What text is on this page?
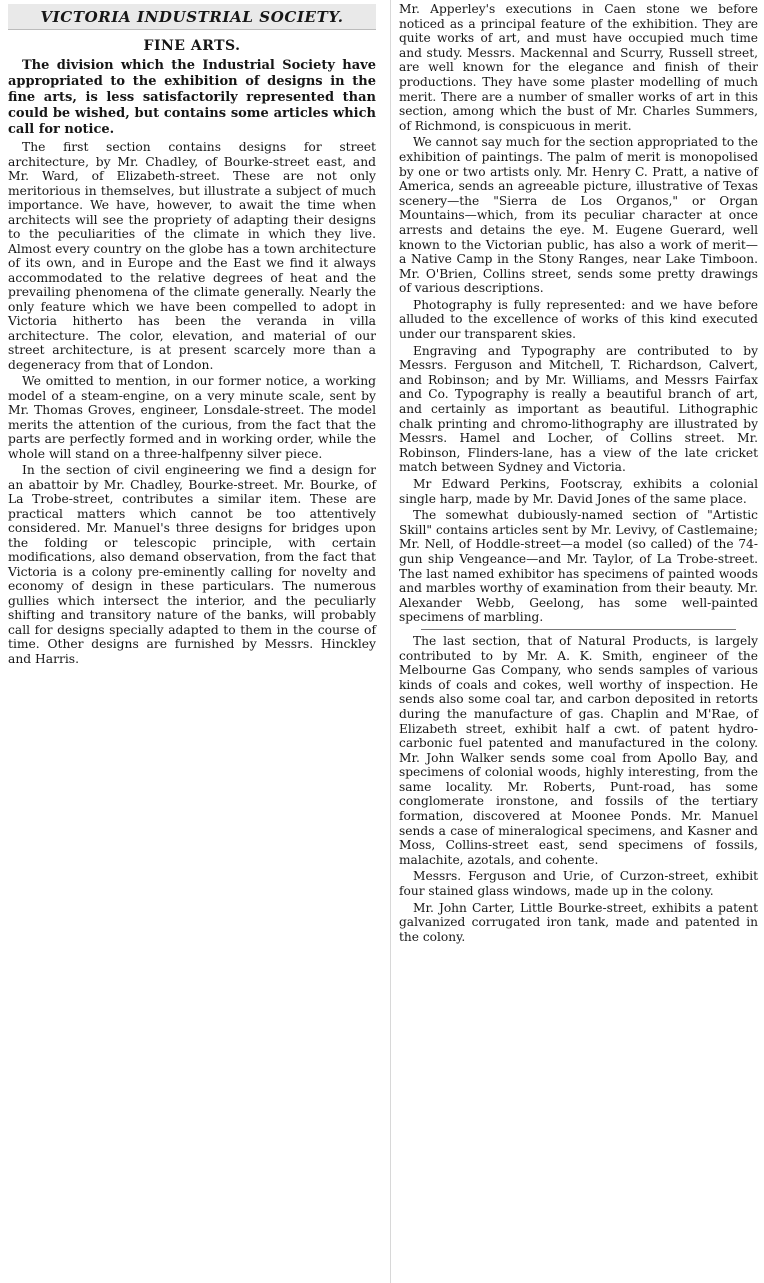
VICTORIA INDUSTRIAL SOCIETY.
FINE ARTS.

The division which the Industrial Society have appropriated to the exhibition of designs in the fine arts, is less satisfactorily represented than could be wished, but contains some articles which call for notice.

The first section contains designs for street architecture, by Mr. Chadley, of Bourke-street east, and Mr. Ward, of Elizabeth-street. These are not only meritorious in themselves, but illustrate a subject of much importance. We have, however, to await the time when architects will see the propriety of adapting their designs to the peculiarities of the climate in which they live. Almost every country on the globe has a town architecture of its own, and in Europe and the East we find it always accommodated to the relative degrees of heat and the prevailing phenomena of the climate generally. Nearly the only feature which we have been compelled to adopt in Victoria hitherto has been the veranda in villa architecture. The color, elevation, and material of our street architecture, is at present scarcely more than a degeneracy from that of London.

We omitted to mention, in our former notice, a working model of a steam-engine, on a very minute scale, sent by Mr. Thomas Groves, engineer, Lonsdale-street. The model merits the attention of the curious, from the fact that the parts are perfectly formed and in working order, while the whole will stand on a three-halfpenny silver piece.

In the section of civil engineering we find a design for an abattoir by Mr. Chadley, Bourke-street. Mr. Bourke, of La Trobe-street, contributes a similar item. These are practical matters which cannot be too attentively considered. Mr. Manuel's three designs for bridges upon the folding or telescopic principle, with certain modifications, also demand observation, from the fact that Victoria is a colony pre-eminently calling for novelty and economy of design in these particulars. The numerous gullies which intersect the interior, and the peculiarly shifting and transitory nature of the banks, will probably call for designs specially adapted to them in the course of time. Other designs are furnished by Messrs. Hinckley and Harris.

Mr. Apperley's executions in Caen stone we before noticed as a principal feature of the exhibition. They are quite works of art, and must have occupied much time and study. Messrs. Mackennal and Scurry, Russell street, are well known for the elegance and finish of their productions. They have some plaster modelling of much merit. There are a number of smaller works of art in this section, among which the bust of Mr. Charles Summers, of Richmond, is conspicuous in merit.

We cannot say much for the section appropriated to the exhibition of paintings. The palm of merit is monopolised by one or two artists only. Mr. Henry C. Pratt, a native of America, sends an agreeable picture, illustrative of Texas scenery—the "Sierra de Los Organos," or Organ Mountains—which, from its peculiar character at once arrests and detains the eye. M. Eugene Guerard, well known to the Victorian public, has also a work of merit—a Native Camp in the Stony Ranges, near Lake Timboon. Mr. O'Brien, Collins street, sends some pretty drawings of various descriptions.

Photography is fully represented: and we have before alluded to the excellence of works of this kind executed under our transparent skies.

Engraving and Typography are contributed to by Messrs. Ferguson and Mitchell, T. Richardson, Calvert, and Robinson; and by Mr. Williams, and Messrs Fairfax and Co. Typography is really a beautiful branch of art, and certainly as important as beautiful. Lithographic chalk printing and chromo-lithography are illustrated by Messrs. Hamel and Locher, of Collins street. Mr. Robinson, Flinders-lane, has a view of the late cricket match between Sydney and Victoria.

Mr Edward Perkins, Footscray, exhibits a colonial single harp, made by Mr. David Jones of the same place.

The somewhat dubiously-named section of "Artistic Skill" contains articles sent by Mr. Levivy, of Castlemaine; Mr. Nell, of Hoddle-street—a model (so called) of the 74-gun ship Vengeance—and Mr. Taylor, of La Trobe-street. The last named exhibitor has specimens of painted woods and marbles worthy of examination from their beauty. Mr. Alexander Webb, Geelong, has some well-painted specimens of marbling.

The last section, that of Natural Products, is largely contributed to by Mr. A. K. Smith, engineer of the Melbourne Gas Company, who sends samples of various kinds of coals and cokes, well worthy of inspection. He sends also some coal tar, and carbon deposited in retorts during the manufacture of gas. Chaplin and M'Rae, of Elizabeth street, exhibit half a cwt. of patent hydro-carbonic fuel patented and manufactured in the colony. Mr. John Walker sends some coal from Apollo Bay, and specimens of colonial woods, highly interesting, from the same locality. Mr. Roberts, Punt-road, has some conglomerate ironstone, and fossils of the tertiary formation, discovered at Moonee Ponds. Mr. Manuel sends a case of mineralogical specimens, and Kasner and Moss, Collins-street east, send specimens of fossils, malachite, azotals, and cohente.

Messrs. Ferguson and Urie, of Curzon-street, exhibit four stained glass windows, made up in the colony.

Mr. John Carter, Little Bourke-street, exhibits a patent galvanized corrugated iron tank, made and patented in the colony.
